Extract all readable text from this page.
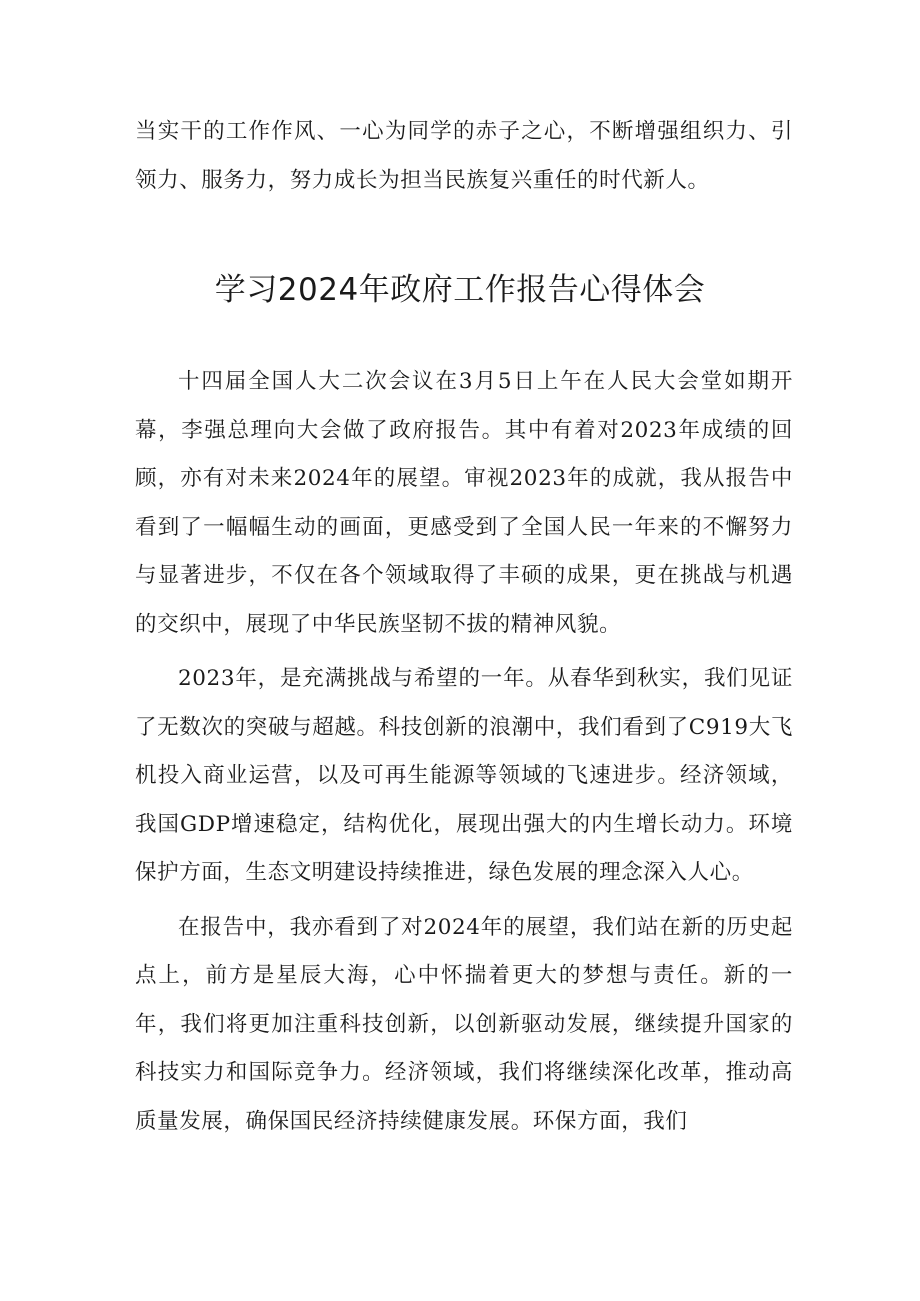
当实干的工作作风、一心为同学的赤子之心，不断增强组织力、引领力、服务力，努力成长为担当民族复兴重任的时代新人。

学习2024年政府工作报告心得体会

十四届全国人大二次会议在3月5日上午在人民大会堂如期开幕，李强总理向大会做了政府报告。其中有着对2023年成绩的回顾，亦有对未来2024年的展望。审视2023年的成就，我从报告中看到了一幅幅生动的画面，更感受到了全国人民一年来的不懈努力与显著进步，不仅在各个领域取得了丰硕的成果，更在挑战与机遇的交织中，展现了中华民族坚韧不拔的精神风貌。

2023年，是充满挑战与希望的一年。从春华到秋实，我们见证了无数次的突破与超越。科技创新的浪潮中，我们看到了C919大飞机投入商业运营，以及可再生能源等领域的飞速进步。经济领域，我国GDP增速稳定，结构优化，展现出强大的内生增长动力。环境保护方面，生态文明建设持续推进，绿色发展的理念深入人心。

在报告中，我亦看到了对2024年的展望，我们站在新的历史起点上，前方是星辰大海，心中怀揣着更大的梦想与责任。新的一年，我们将更加注重科技创新，以创新驱动发展，继续提升国家的科技实力和国际竞争力。经济领域，我们将继续深化改革，推动高质量发展，确保国民经济持续健康发展。环保方面，我们
